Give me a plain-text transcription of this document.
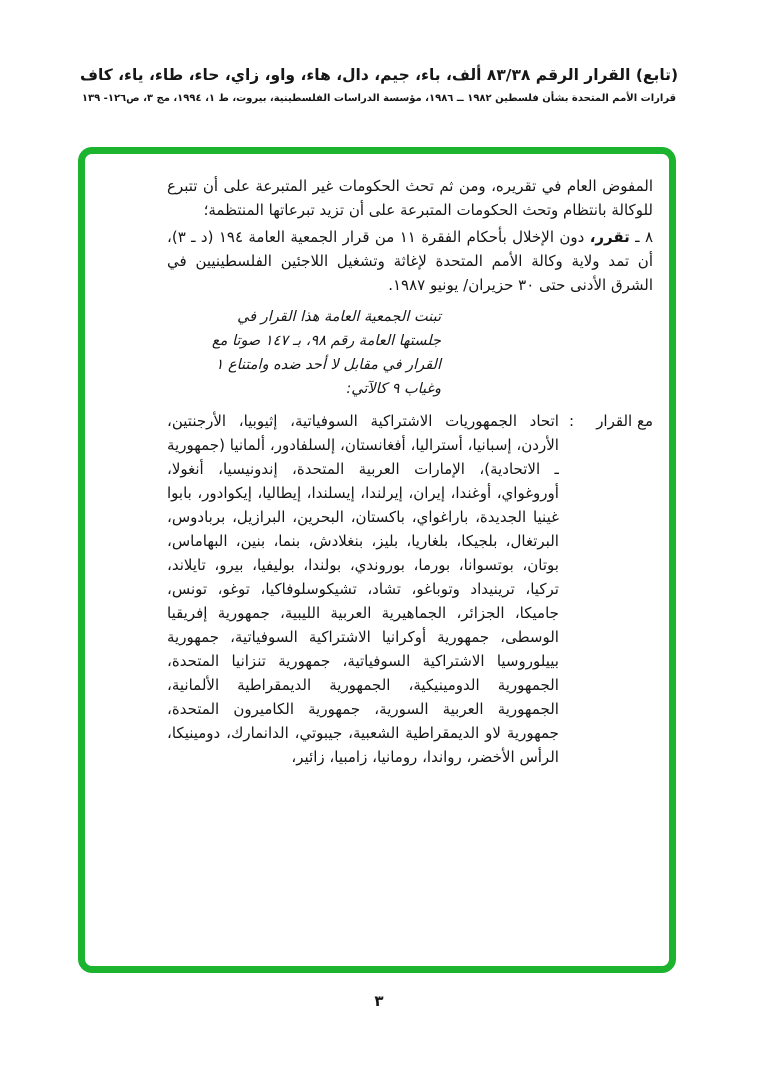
(تابع) القرار الرقم ٨٣/٣٨ ألف، باء، جيم، دال، هاء، واو، زاي، حاء، طاء، ياء، كاف
قرارات الأمم المتحدة بشأن فلسطين ١٩٨٢ ــ ١٩٨٦، مؤسسة الدراسات الفلسطينية، بيروت، ط ١، ١٩٩٤، مج ٣، ص١٢٦- ١٣٩

المفوض العام في تقريره، ومن ثم تحث الحكومات غير المتبرعة على أن تتبرع للوكالة بانتظام وتحث الحكومات المتبرعة على أن تزيد تبرعاتها المنتظمة؛

٨ ـ تقرر، دون الإخلال بأحكام الفقرة ١١ من قرار الجمعية العامة ١٩٤ (د ـ ٣)، أن تمد ولاية وكالة الأمم المتحدة لإغاثة وتشغيل اللاجئين الفلسطينيين في الشرق الأدنى حتى ٣٠ حزيران/ يونيو ١٩٨٧.

تبنت الجمعية العامة هذا القرار في جلستها العامة رقم ٩٨، بـ ١٤٧ صوتا مع القرار في مقابل لا أحد ضده وامتناع ١ وغياب ٩ كالآتي:

مع القرار
:
اتحاد الجمهوريات الاشتراكية السوفياتية، إثيوبيا، الأرجنتين، الأردن، إسبانيا، أستراليا، أفغانستان، إلسلفادور، ألمانيا (جمهورية ـ الاتحادية)، الإمارات العربية المتحدة، إندونيسيا، أنغولا، أوروغواي، أوغندا، إيران، إيرلندا، إيسلندا، إيطاليا، إيكوادور، بابوا غينيا الجديدة، باراغواي، باكستان، البحرين، البرازيل، بربادوس، البرتغال، بلجيكا، بلغاريا، بليز، بنغلادش، بنما، بنين، البهاماس، بوتان، بوتسوانا، بورما، بوروندي، بولندا، بوليفيا، بيرو، تايلاند، تركيا، ترينيداد وتوباغو، تشاد، تشيكوسلوفاكيا، توغو، تونس، جاميكا، الجزائر، الجماهيرية العربية الليبية، جمهورية إفريقيا الوسطى، جمهورية أوكرانيا الاشتراكية السوفياتية، جمهورية بييلوروسيا الاشتراكية السوفياتية، جمهورية تنزانيا المتحدة، الجمهورية الدومينيكية، الجمهورية الديمقراطية الألمانية، الجمهورية العربية السورية، جمهورية الكاميرون المتحدة، جمهورية لاو الديمقراطية الشعبية، جيبوتي، الدانمارك، دومينيكا، الرأس الأخضر، رواندا، رومانيا، زامبيا، زائير،
٣
